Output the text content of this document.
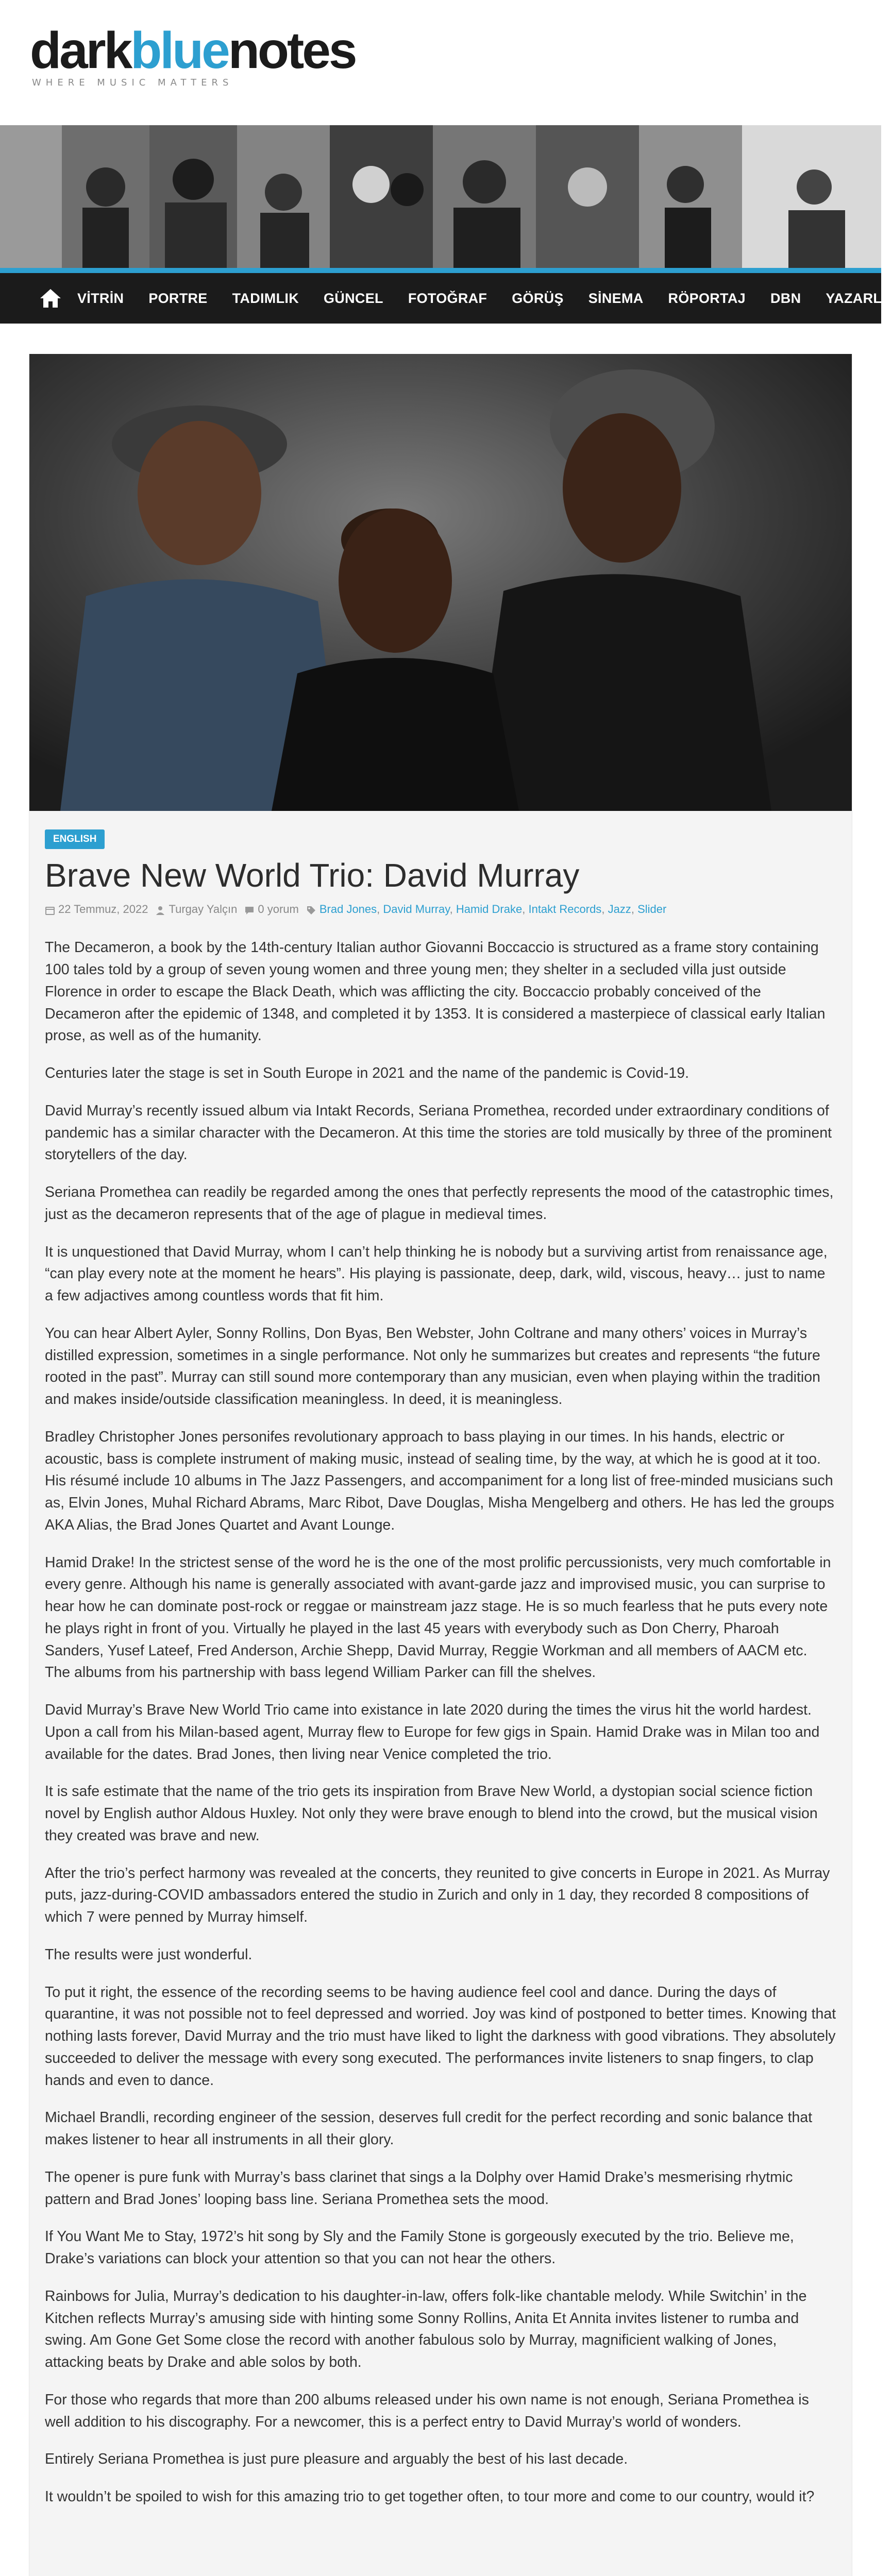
darkbluenotes
WHERE MUSIC MATTERS
VİTRİN PORTRE TADIMLIK GÜNCEL FOTOĞRAF GÖRÜŞ SİNEMA RÖPORTAJ DBN YAZARLA
ENGLISH
Brave New World Trio: David Murray
22 Temmuz, 2022	Turgay Yalçın	0 yorum	Brad Jones, David Murray, Hamid Drake, Intakt Records, Jazz, Slider

The Decameron, a book by the 14th-century Italian author Giovanni Boccaccio is structured as a frame story containing 100 tales told by a group of seven young women and three young men; they shelter in a secluded villa just outside Florence in order to escape the Black Death, which was afflicting the city. Boccaccio probably conceived of the Decameron after the epidemic of 1348, and completed it by 1353. It is considered a masterpiece of classical early Italian prose, as well as of the humanity.

Centuries later the stage is set in South Europe in 2021 and the name of the pandemic is Covid-19.

David Murray’s recently issued album via Intakt Records, Seriana Promethea, recorded under extraordinary conditions of pandemic has a similar character with the Decameron. At this time the stories are told musically by three of the prominent storytellers of the day.

Seriana Promethea can readily be regarded among the ones that perfectly represents the mood of the catastrophic times, just as the decameron represents that of the age of plague in medieval times.

It is unquestioned that David Murray, whom I can’t help thinking he is nobody but a surviving artist from renaissance age, “can play every note at the moment he hears”. His playing is passionate, deep, dark, wild, viscous, heavy… just to name a few adjactives among countless words that fit him.

You can hear Albert Ayler, Sonny Rollins, Don Byas, Ben Webster, John Coltrane and many others’ voices in Murray’s distilled expression, sometimes in a single performance. Not only he summarizes but creates and represents “the future rooted in the past”. Murray can still sound more contemporary than any musician, even when playing within the tradition and makes inside/outside classification meaningless. In deed, it is meaningless.

Bradley Christopher Jones personifes revolutionary approach to bass playing in our times. In his hands, electric or acoustic, bass is complete instrument of making music, instead of sealing time, by the way, at which he is good at it too. His résumé include 10 albums in The Jazz Passengers, and accompaniment for a long list of free-minded musicians such as, Elvin Jones, Muhal Richard Abrams, Marc Ribot, Dave Douglas, Misha Mengelberg and others. He has led the groups AKA Alias, the Brad Jones Quartet and Avant Lounge.

Hamid Drake! In the strictest sense of the word he is the one of the most prolific percussionists, very much comfortable in every genre. Although his name is generally associated with avant-garde jazz and improvised music, you can surprise to hear how he can dominate post-rock or reggae or mainstream jazz stage. He is so much fearless that he puts every note he plays right in front of you. Virtually he played in the last 45 years with everybody such as Don Cherry, Pharoah Sanders, Yusef Lateef, Fred Anderson, Archie Shepp, David Murray, Reggie Workman and all members of AACM etc. The albums from his partnership with bass legend William Parker can fill the shelves.

David Murray’s Brave New World Trio came into existance in late 2020 during the times the virus hit the world hardest. Upon a call from his Milan-based agent, Murray flew to Europe for few gigs in Spain. Hamid Drake was in Milan too and available for the dates. Brad Jones, then living near Venice completed the trio.

It is safe estimate that the name of the trio gets its inspiration from Brave New World, a dystopian social science fiction novel by English author Aldous Huxley. Not only they were brave enough to blend into the crowd, but the musical vision they created was brave and new.

After the trio’s perfect harmony was revealed at the concerts, they reunited to give concerts in Europe in 2021. As Murray puts, jazz-during-COVID ambassadors entered the studio in Zurich and only in 1 day, they recorded 8 compositions of which 7 were penned by Murray himself.

The results were just wonderful.

To put it right, the essence of the recording seems to be having audience feel cool and dance. During the days of quarantine, it was not possible not to feel depressed and worried. Joy was kind of postponed to better times. Knowing that nothing lasts forever, David Murray and the trio must have liked to light the darkness with good vibrations. They absolutely succeeded to deliver the message with every song executed. The performances invite listeners to snap fingers, to clap hands and even to dance.

Michael Brandli, recording engineer of the session, deserves full credit for the perfect recording and sonic balance that makes listener to hear all instruments in all their glory.

The opener is pure funk with Murray’s bass clarinet that sings a la Dolphy over Hamid Drake’s mesmerising rhytmic pattern and Brad Jones’ looping bass line. Seriana Promethea sets the mood.

If You Want Me to Stay, 1972’s hit song by Sly and the Family Stone is gorgeously executed by the trio. Believe me, Drake’s variations can block your attention so that you can not hear the others.

Rainbows for Julia, Murray’s dedication to his daughter-in-law, offers folk-like chantable melody. While Switchin’ in the Kitchen reflects Murray’s amusing side with hinting some Sonny Rollins, Anita Et Annita invites listener to rumba and swing. Am Gone Get Some close the record with another fabulous solo by Murray, magnificient walking of Jones, attacking beats by Drake and able solos by both.

For those who regards that more than 200 albums released under his own name is not enough, Seriana Promethea is well addition to his discography. For a newcomer, this is a perfect entry to David Murray’s world of wonders.

Entirely Seriana Promethea is just pure pleasure and arguably the best of his last decade.

It wouldn’t be spoiled to wish for this amazing trio to get together often, to tour more and come to our country, would it?
